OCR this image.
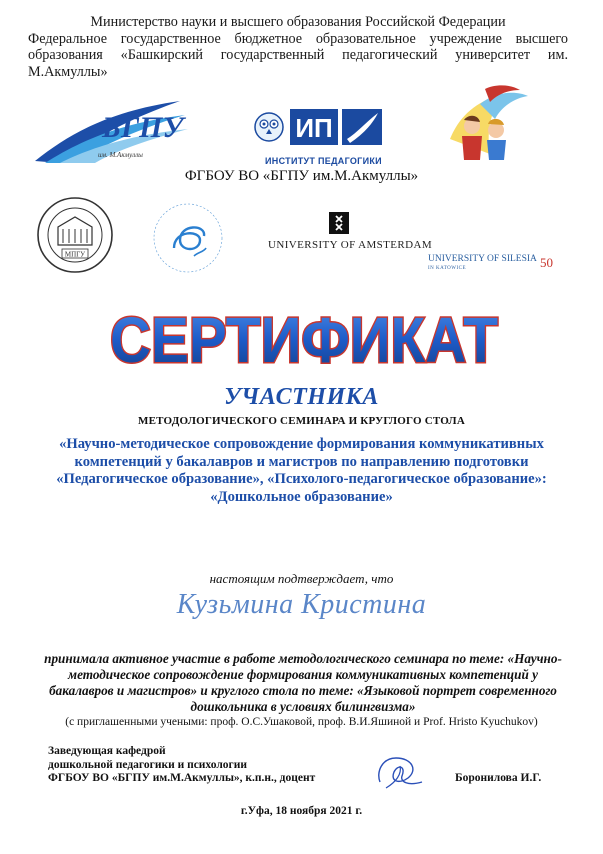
Министерство науки и высшего образования Российской Федерации
Федеральное государственное бюджетное образовательное учреждение высшего образования «Башкирский государственный педагогический университет им. М.Акмуллы»
БГПУ
им. М.Акмуллы
ИП
ИНСТИТУТ ПЕДАГОГИКИ
ФГБОУ ВО «БГПУ им.М.Акмуллы»
МПГУ
UNIVERSITY OF AMSTERDAM
UNIVERSITY OF SILESIA
IN KATOWICE	50
СЕРТИФИКАТ
УЧАСТНИКА
МЕТОДОЛОГИЧЕСКОГО СЕМИНАРА И КРУГЛОГО СТОЛА
«Научно-методическое сопровождение формирования коммуникативных компетенций у бакалавров и магистров по направлению подготовки «Педагогическое образование», «Психолого-педагогическое образование»: «Дошкольное образование»
настоящим подтверждает, что
Кузьмина Кристина
принимала активное участие в работе методологического семинара по теме: «Научно-методическое сопровождение формирования коммуникативных компетенций у бакалавров и магистров» и круглого стола по теме: «Языковой портрет современного дошкольника в условиях билингвизма»
(с приглашенными учеными: проф. О.С.Ушаковой, проф. В.И.Яшиной и Prof. Hristo Kyuchukov)
Заведующая кафедрой
дошкольной педагогики и психологии
ФГБОУ ВО «БГПУ им.М.Акмуллы», к.п.н., доцент	Боронилова И.Г.
г.Уфа, 18 ноября 2021 г.
